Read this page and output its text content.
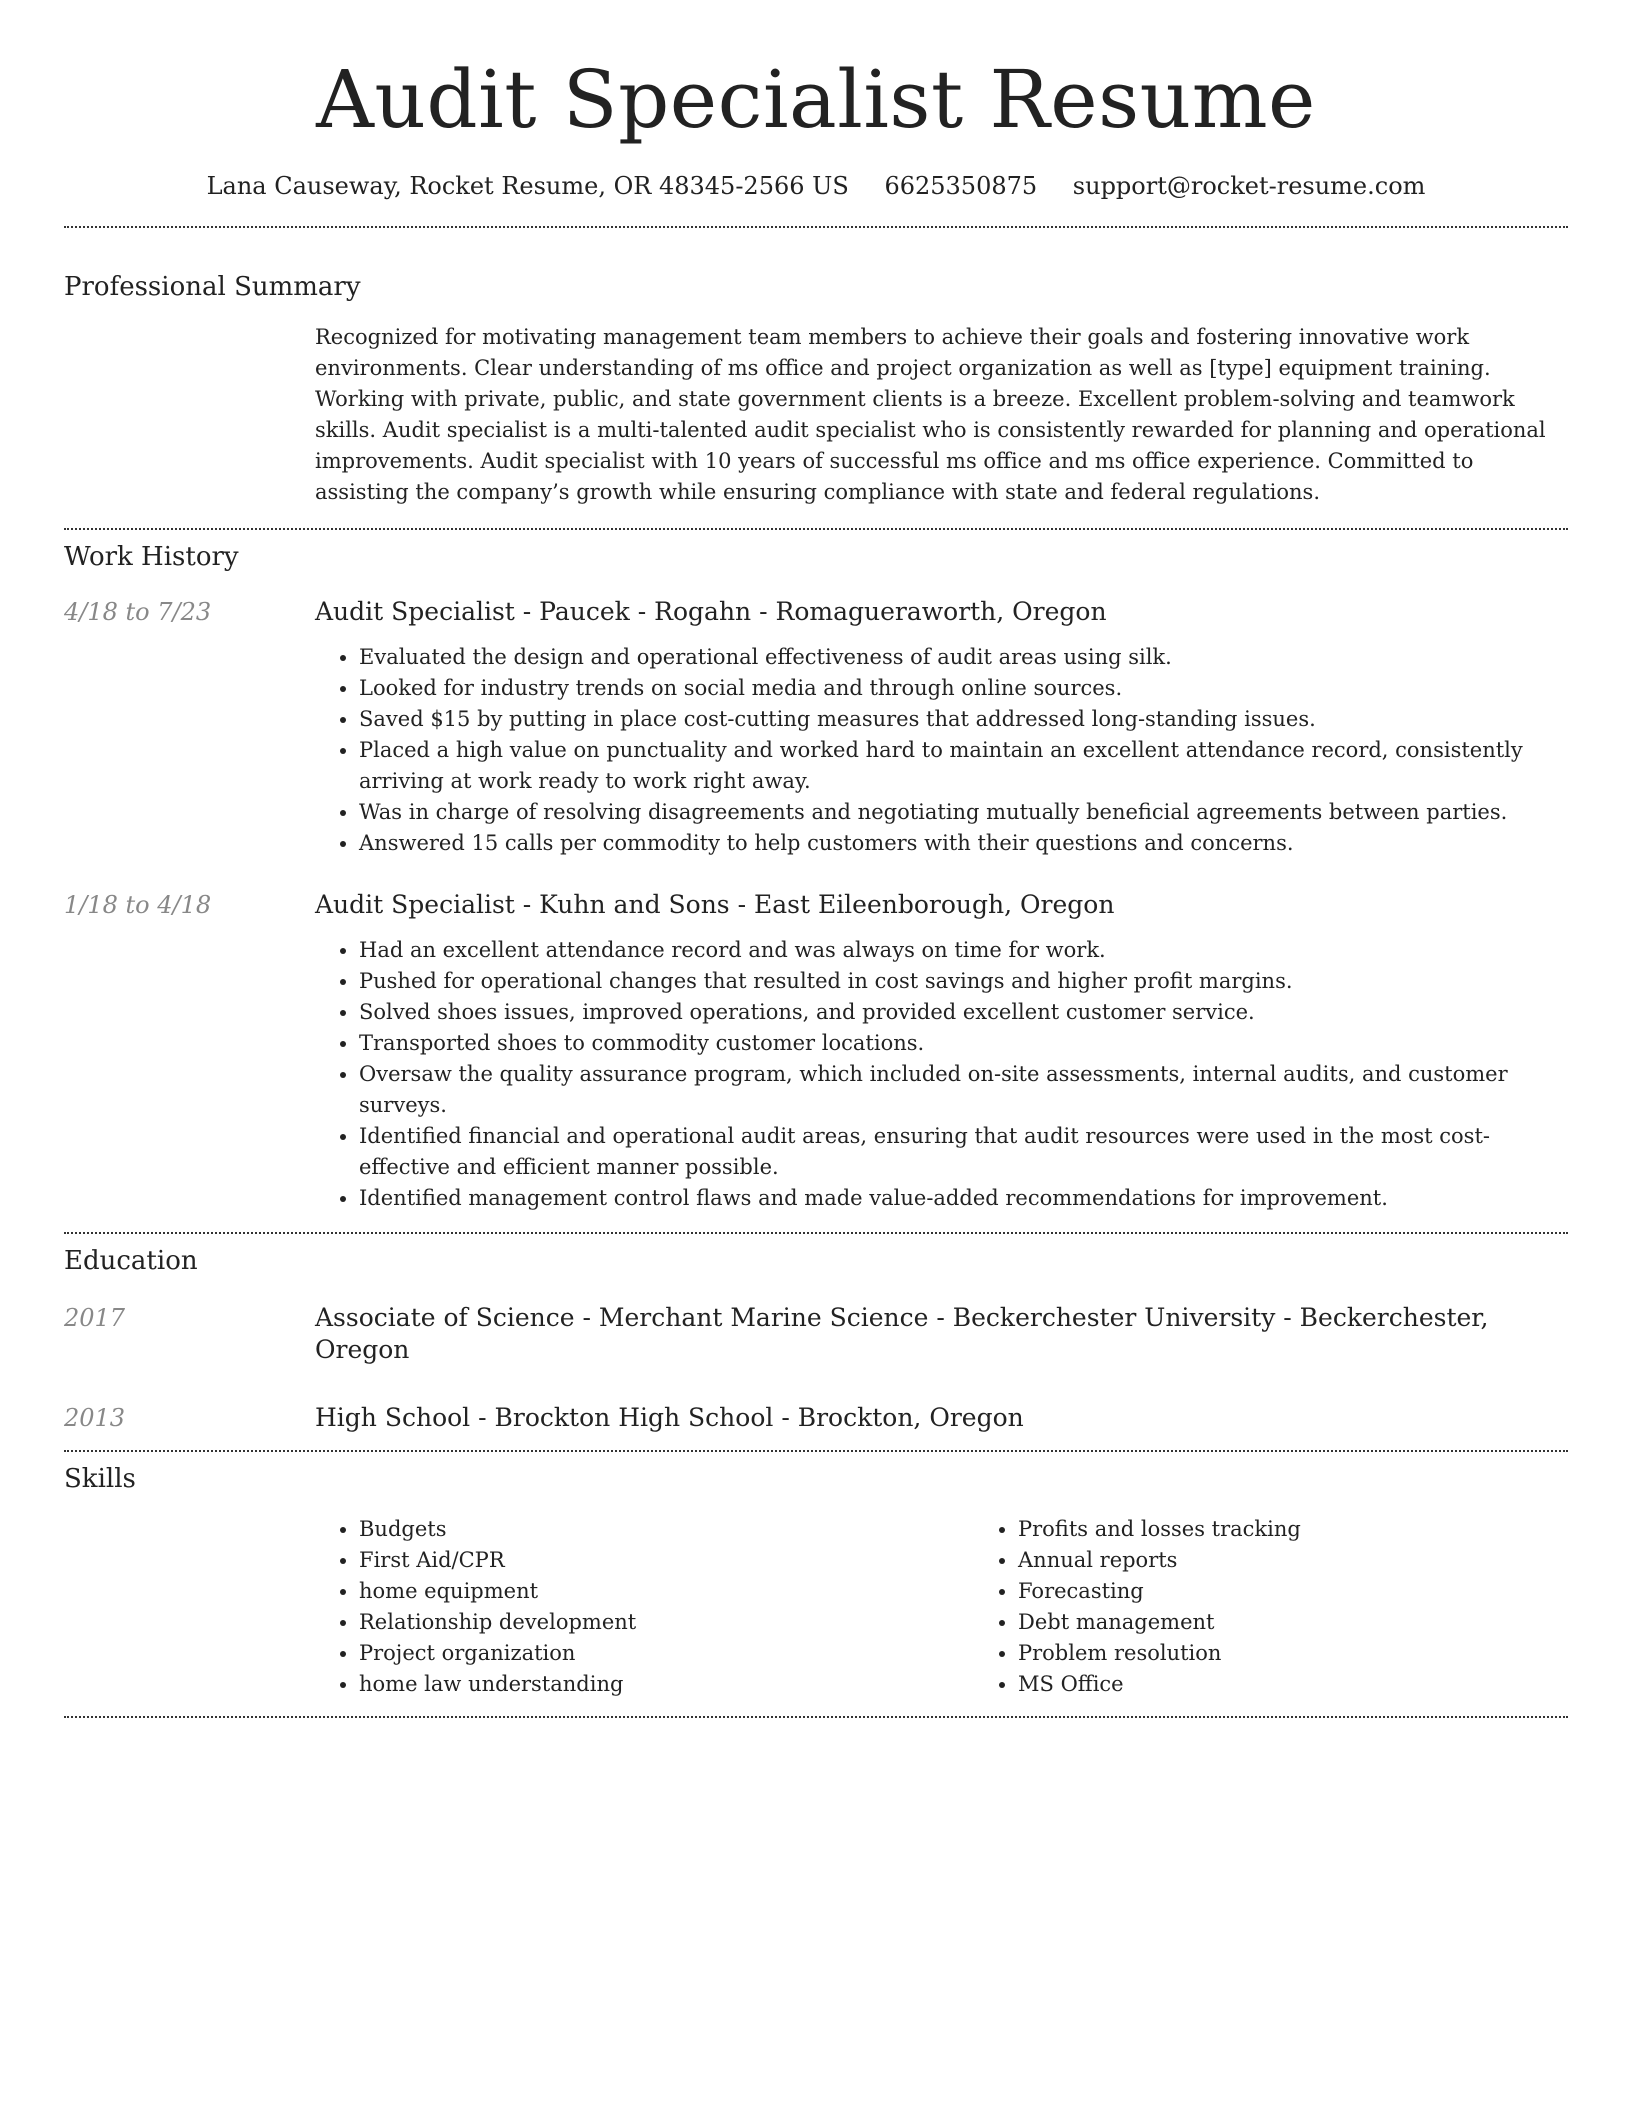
Audit Specialist Resume
Lana Causeway, Rocket Resume, OR 48345-2566 US 6625350875 support@rocket-resume.com
Professional Summary

Recognized for motivating management team members to achieve their goals and fostering innovative work environments. Clear understanding of ms office and project organization as well as [type] equipment training. Working with private, public, and state government clients is a breeze. Excellent problem-solving and teamwork skills. Audit specialist is a multi-talented audit specialist who is consistently rewarded for planning and operational improvements. Audit specialist with 10 years of successful ms office and ms office experience. Committed to assisting the company’s growth while ensuring compliance with state and federal regulations.

Work History
4/18 to 7/23	Audit Specialist - Paucek - Rogahn - Romagueraworth, Oregon
• Evaluated the design and operational effectiveness of audit areas using silk.
• Looked for industry trends on social media and through online sources.
• Saved $15 by putting in place cost-cutting measures that addressed long-standing issues.
• Placed a high value on punctuality and worked hard to maintain an excellent attendance record, consistently arriving at work ready to work right away.
• Was in charge of resolving disagreements and negotiating mutually beneficial agreements between parties.
• Answered 15 calls per commodity to help customers with their questions and concerns.
1/18 to 4/18	Audit Specialist - Kuhn and Sons - East Eileenborough, Oregon
• Had an excellent attendance record and was always on time for work.
• Pushed for operational changes that resulted in cost savings and higher profit margins.
• Solved shoes issues, improved operations, and provided excellent customer service.
• Transported shoes to commodity customer locations.
• Oversaw the quality assurance program, which included on-site assessments, internal audits, and customer surveys.
• Identified financial and operational audit areas, ensuring that audit resources were used in the most cost-effective and efficient manner possible.
• Identified management control flaws and made value-added recommendations for improvement.
Education
2017	Associate of Science - Merchant Marine Science - Beckerchester University - Beckerchester, Oregon
2013	High School - Brockton High School - Brockton, Oregon
Skills
• Budgets
• First Aid/CPR
• home equipment
• Relationship development
• Project organization
• home law understanding
• Profits and losses tracking
• Annual reports
• Forecasting
• Debt management
• Problem resolution
• MS Office
